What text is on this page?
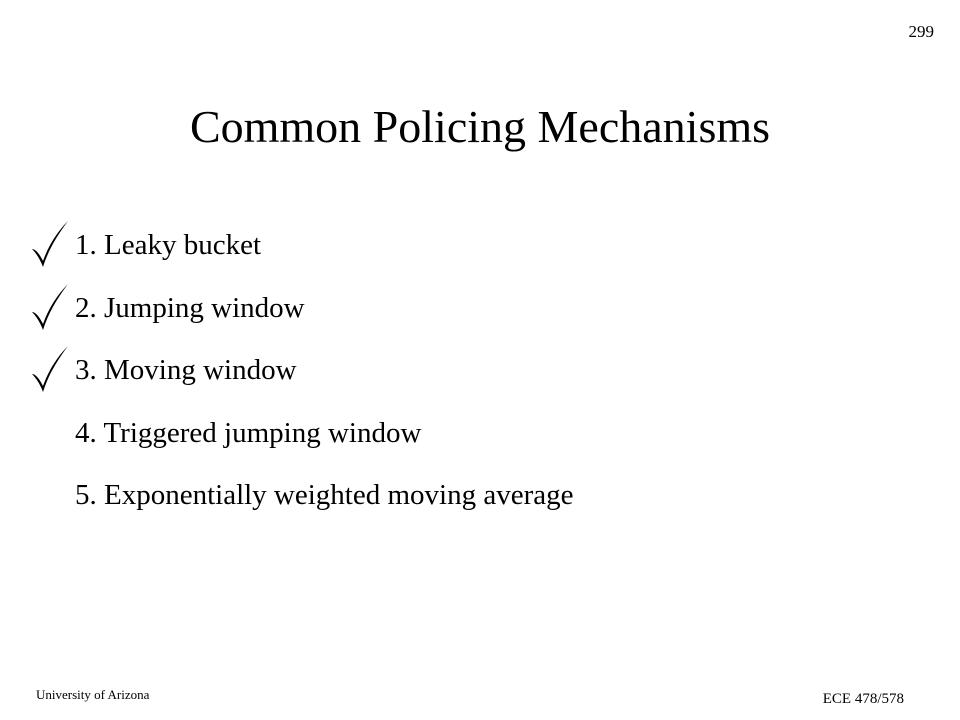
299
Common Policing Mechanisms
1. Leaky bucket
2. Jumping window
3. Moving window
4. Triggered jumping window
5. Exponentially weighted moving average
University of Arizona	ECE 478/578
